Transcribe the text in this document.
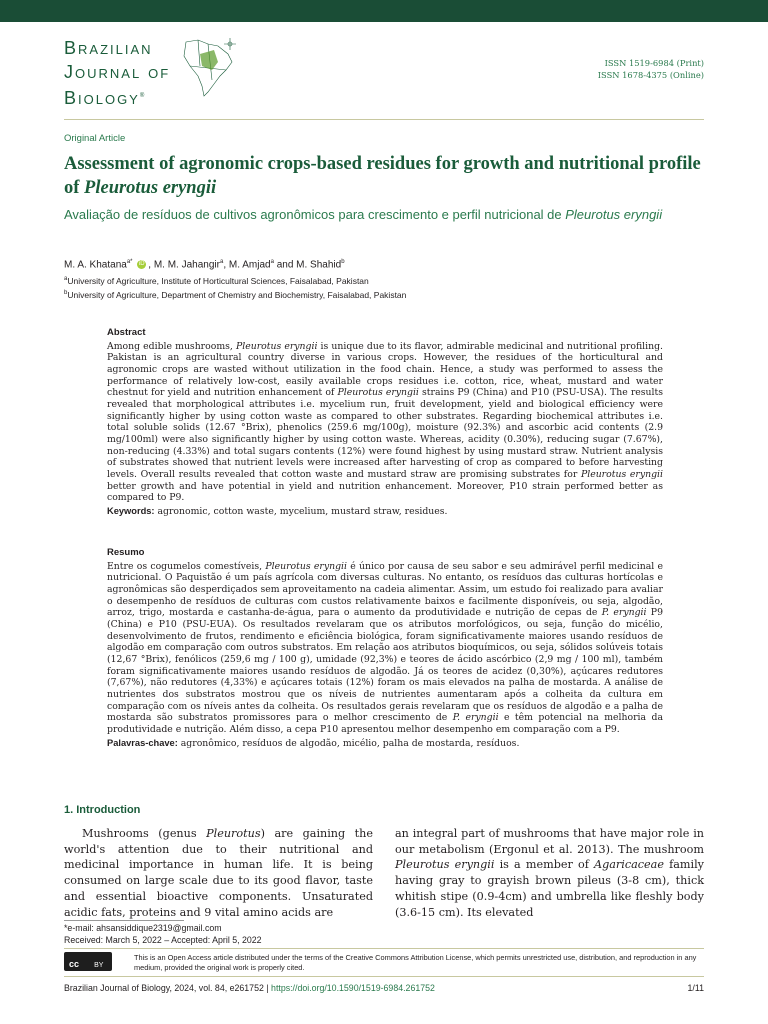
Brazilian
Journal of
Biology®
ISSN 1519-6984 (Print)
ISSN 1678-4375 (Online)
Original Article
Assessment of agronomic crops-based residues for growth and nutritional profile of Pleurotus eryngii
Avaliação de resíduos de cultivos agronômicos para crescimento e perfil nutricional de Pleurotus eryngii
M. A. Khatana$^{a*}$ iD , M. M. Jahangir$^a$, M. Amjad$^a$ and M. Shahid$^b$
$^a$University of Agriculture, Institute of Horticultural Sciences, Faisalabad, Pakistan
$^b$University of Agriculture, Department of Chemistry and Biochemistry, Faisalabad, Pakistan
Abstract
Among edible mushrooms, Pleurotus eryngii is unique due to its flavor, admirable medicinal and nutritional profiling. Pakistan is an agricultural country diverse in various crops. However, the residues of the horticultural and agronomic crops are wasted without utilization in the food chain. Hence, a study was performed to assess the performance of relatively low-cost, easily available crops residues i.e. cotton, rice, wheat, mustard and water chestnut for yield and nutrition enhancement of Pleurotus eryngii strains P9 (China) and P10 (PSU-USA). The results revealed that morphological attributes i.e. mycelium run, fruit development, yield and biological efficiency were significantly higher by using cotton waste as compared to other substrates. Regarding biochemical attributes i.e. total soluble solids (12.67 °Brix), phenolics (259.6 mg/100g), moisture (92.3%) and ascorbic acid contents (2.9 mg/100ml) were also significantly higher by using cotton waste. Whereas, acidity (0.30%), reducing sugar (7.67%), non-reducing (4.33%) and total sugars contents (12%) were found highest by using mustard straw. Nutrient analysis of substrates showed that nutrient levels were increased after harvesting of crop as compared to before harvesting levels. Overall results revealed that cotton waste and mustard straw are promising substrates for Pleurotus eryngii better growth and have potential in yield and nutrition enhancement. Moreover, P10 strain performed better as compared to P9.
Keywords: agronomic, cotton waste, mycelium, mustard straw, residues.
Resumo
Entre os cogumelos comestíveis, Pleurotus eryngii é único por causa de seu sabor e seu admirável perfil medicinal e nutricional. O Paquistão é um país agrícola com diversas culturas. No entanto, os resíduos das culturas hortícolas e agronômicas são desperdiçados sem aproveitamento na cadeia alimentar. Assim, um estudo foi realizado para avaliar o desempenho de resíduos de culturas com custos relativamente baixos e facilmente disponíveis, ou seja, algodão, arroz, trigo, mostarda e castanha-de-água, para o aumento da produtividade e nutrição de cepas de P. eryngii P9 (China) e P10 (PSU-EUA). Os resultados revelaram que os atributos morfológicos, ou seja, função do micélio, desenvolvimento de frutos, rendimento e eficiência biológica, foram significativamente maiores usando resíduos de algodão em comparação com outros substratos. Em relação aos atributos bioquímicos, ou seja, sólidos solúveis totais (12,67 °Brix), fenólicos (259,6 mg / 100 g), umidade (92,3%) e teores de ácido ascórbico (2,9 mg / 100 ml), também foram significativamente maiores usando resíduos de algodão. Já os teores de acidez (0,30%), açúcares redutores (7,67%), não redutores (4,33%) e açúcares totais (12%) foram os mais elevados na palha de mostarda. A análise de nutrientes dos substratos mostrou que os níveis de nutrientes aumentaram após a colheita da cultura em comparação com os níveis antes da colheita. Os resultados gerais revelaram que os resíduos de algodão e a palha de mostarda são substratos promissores para o melhor crescimento de P. eryngii e têm potencial na melhoria da produtividade e nutrição. Além disso, a cepa P10 apresentou melhor desempenho em comparação com a P9.
Palavras-chave: agronômico, resíduos de algodão, micélio, palha de mostarda, resíduos.
1. Introduction
Mushrooms (genus Pleurotus) are gaining the world's attention due to their nutritional and medicinal importance in human life. It is being consumed on large scale due to its good flavor, taste and essential bioactive components. Unsaturated acidic fats, proteins and 9 vital amino acids are
an integral part of mushrooms that have major role in our metabolism (Ergonul et al. 2013). The mushroom Pleurotus eryngii is a member of Agaricaceae family having gray to grayish brown pileus (3-8 cm), thick whitish stipe (0.9-4cm) and umbrella like fleshly body (3.6-15 cm). Its elevated
*e-mail: ahsansiddique2319@gmail.com
Received: March 5, 2022 – Accepted: April 5, 2022
cc BY
This is an Open Access article distributed under the terms of the Creative Commons Attribution License, which permits unrestricted use, distribution, and reproduction in any medium, provided the original work is properly cited.
Brazilian Journal of Biology, 2024, vol. 84, e261752 | https://doi.org/10.1590/1519-6984.261752	1/11
